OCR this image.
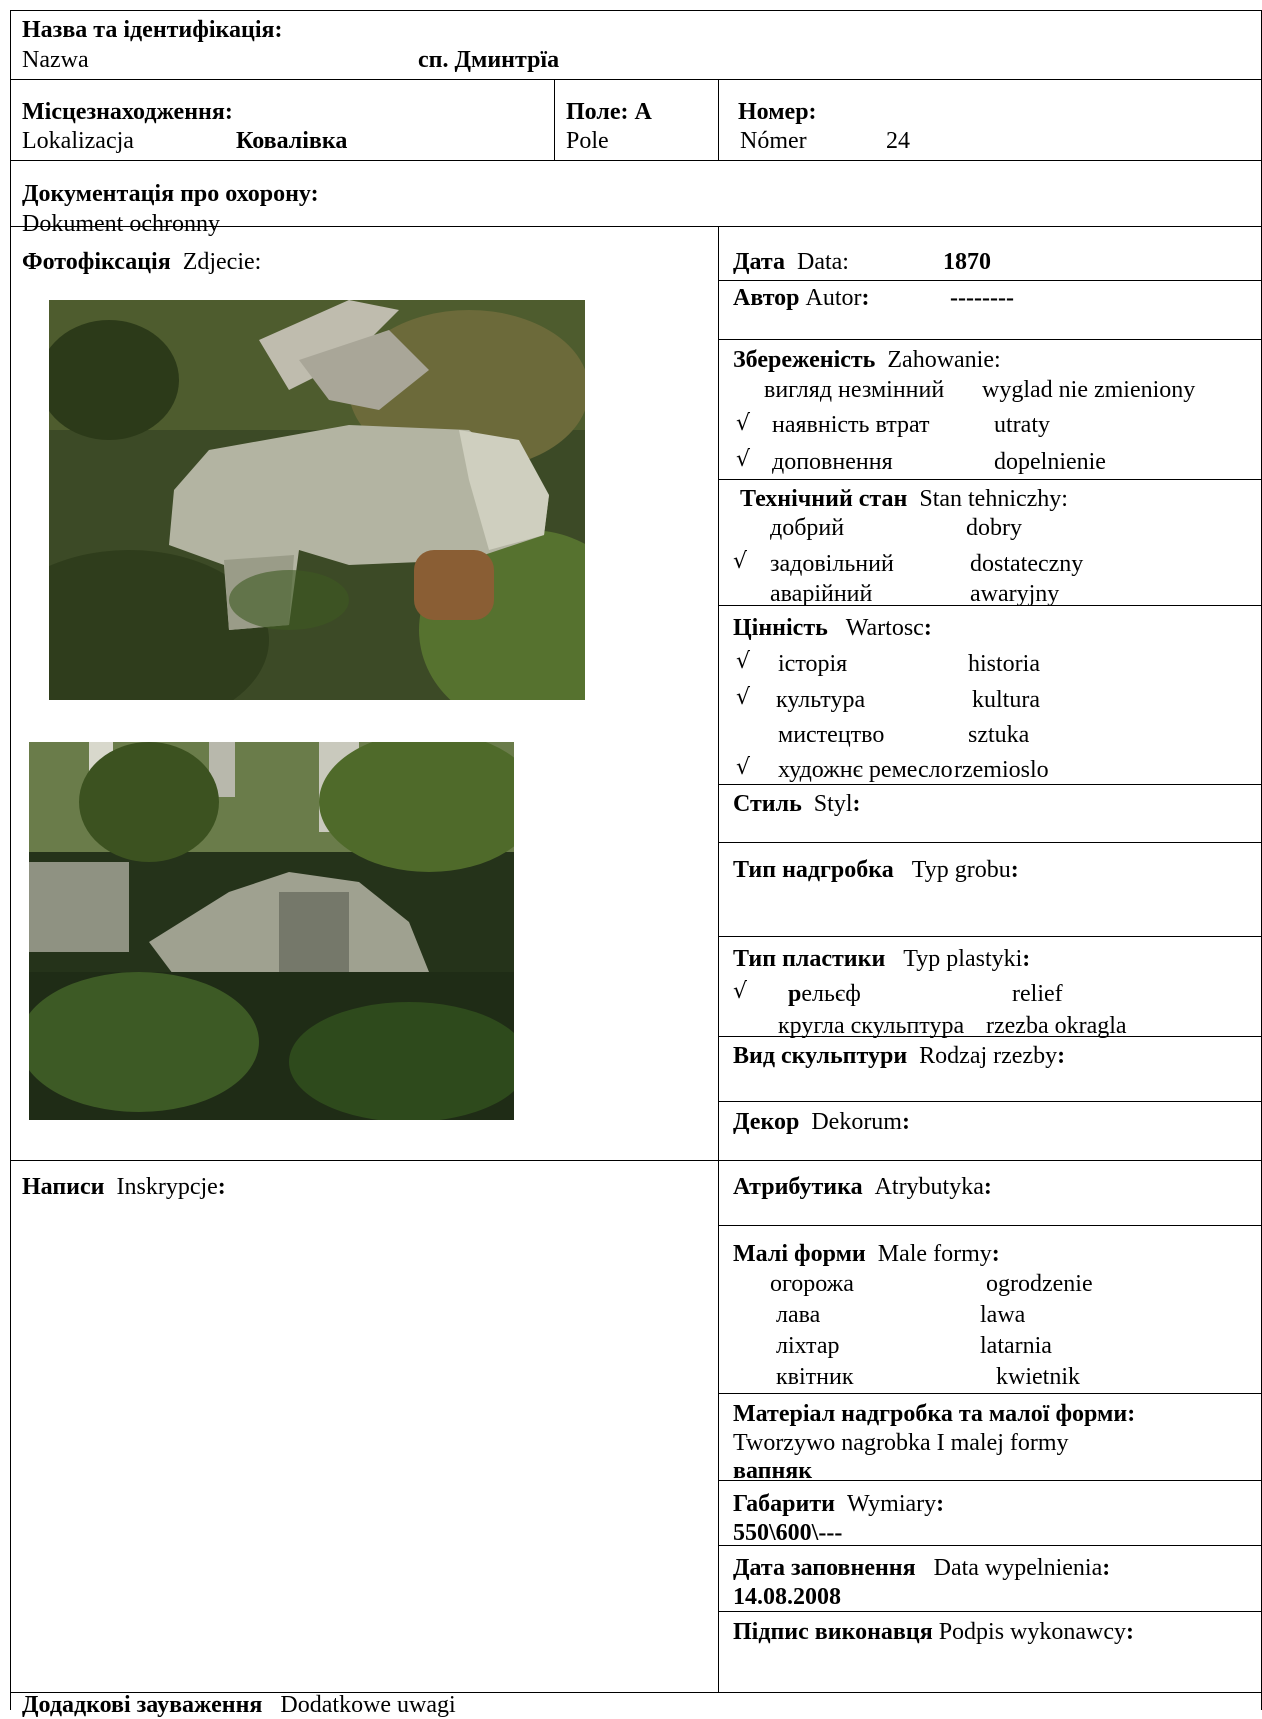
Назва та ідентифікація:
Nazwa	сп. Дминтрїа
Місцезнаходження:
Lokalizacja	Ковалівка
Поле: А
Pole
Номер:
Nómer	24
Документація про охорону:
Dokument ochronny
Фотофіксація Zdjecie:	Дата Data:	1870
Автор Autor:	--------
Збереженість Zahowanie:
вигляд незмінний wyglad nie zmieniony
√ наявність втрат	utraty
√ доповнення	dopelnienie
Технічний стан Stan tehniczhy:
добрий	dobry
√ задовільний	dostateczny
аварійний	awaryjny
Цінність Wartosc:
√ історія	historia
√ культура	kultura
мистецтво	sztuka
√ художнє ремесло rzemioslo
Стиль Styl:
Тип надгробка Typ grobu:
Тип пластики Typ plastyki:
√ рельєф	relief
кругла скульптура rzezba okragla
Вид скульптури Rodzaj rzezby:
Декор Dekorum:
Написи Inskrypcje:	Атрибутика Atrybutyka:
Малі форми Male formy:
огорожа	ogrodzenie
лава	lawa
ліхтар	latarnia
квітник	kwietnik
Матеріал надгробка та малої форми:
Tworzywo nagrobka I malej formy
вапняк
Габарити Wymiary:
550\600\---
Дата заповнення Data wypelnienia:
14.08.2008
Підпис виконавця Podpis wykonawcy:
Додадкові зауваження Dodatkowe uwagi
